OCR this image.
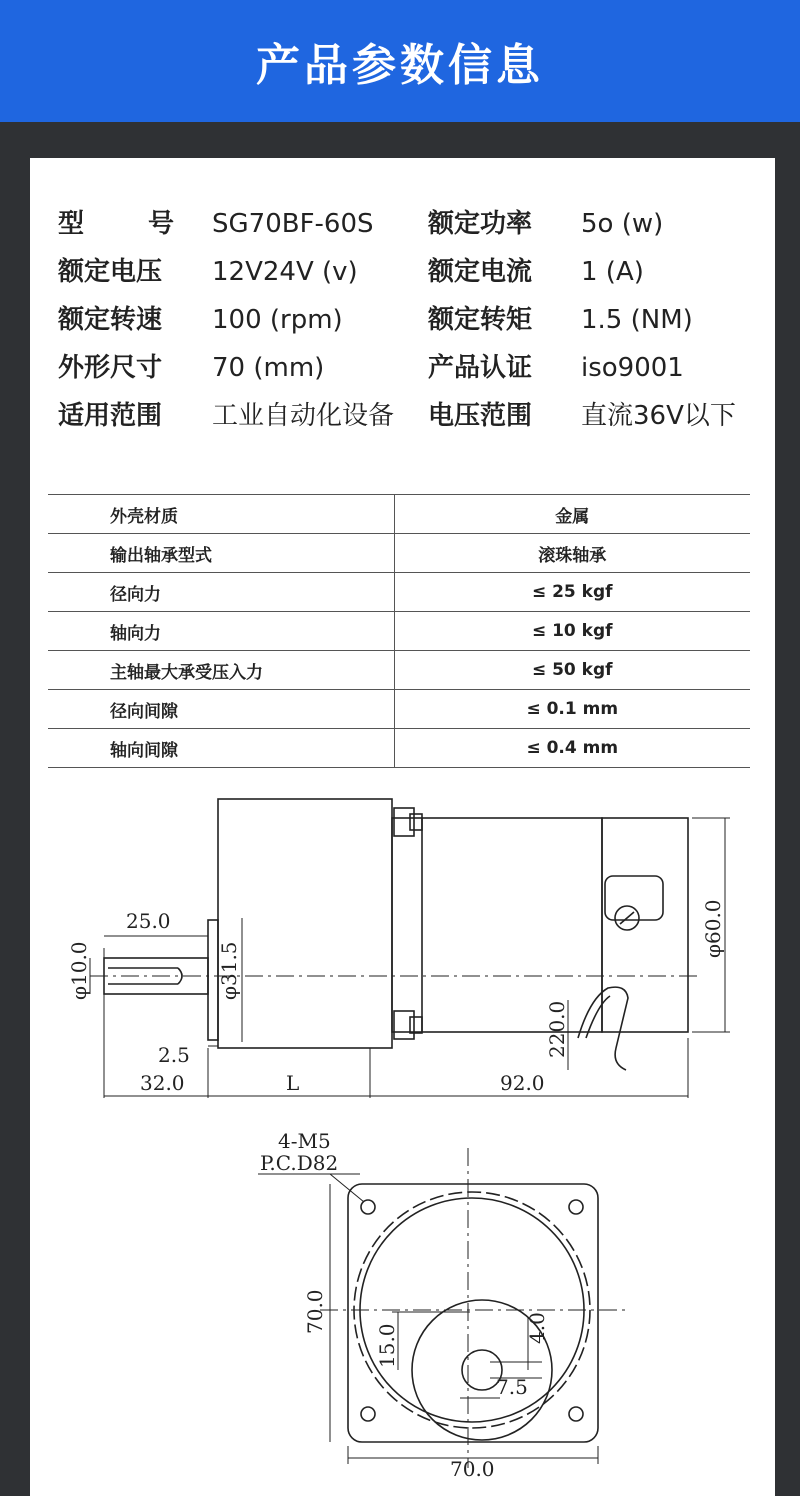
产品参数信息
型 号 SG70BF-60S 额定功率 5o (w)
额定电压	12V24V (v)	额定电流 1 (A)
额定转速	100 (rpm)	额定转矩 1.5 (NM)
外形尺寸	70 (mm)	产品认证 iso9001
适用范围	工业自动化设备 电压范围 直流36V以下
外壳材质	金属
输出轴承型式	滚珠轴承
径向力	≤ 25 kgf
轴向力	≤ 10 kgf
主轴最大承受压入力	≤ 50 kgf
径向间隙	≤ 0.1 mm
轴向间隙	≤ 0.4 mm
25.0
φ10.0	φ31.5
2.5
32.0	L	92.0
φ60.0
220.0
4-M5
P.C.D82
70.0
70.0
15.0	4.0
7.5
